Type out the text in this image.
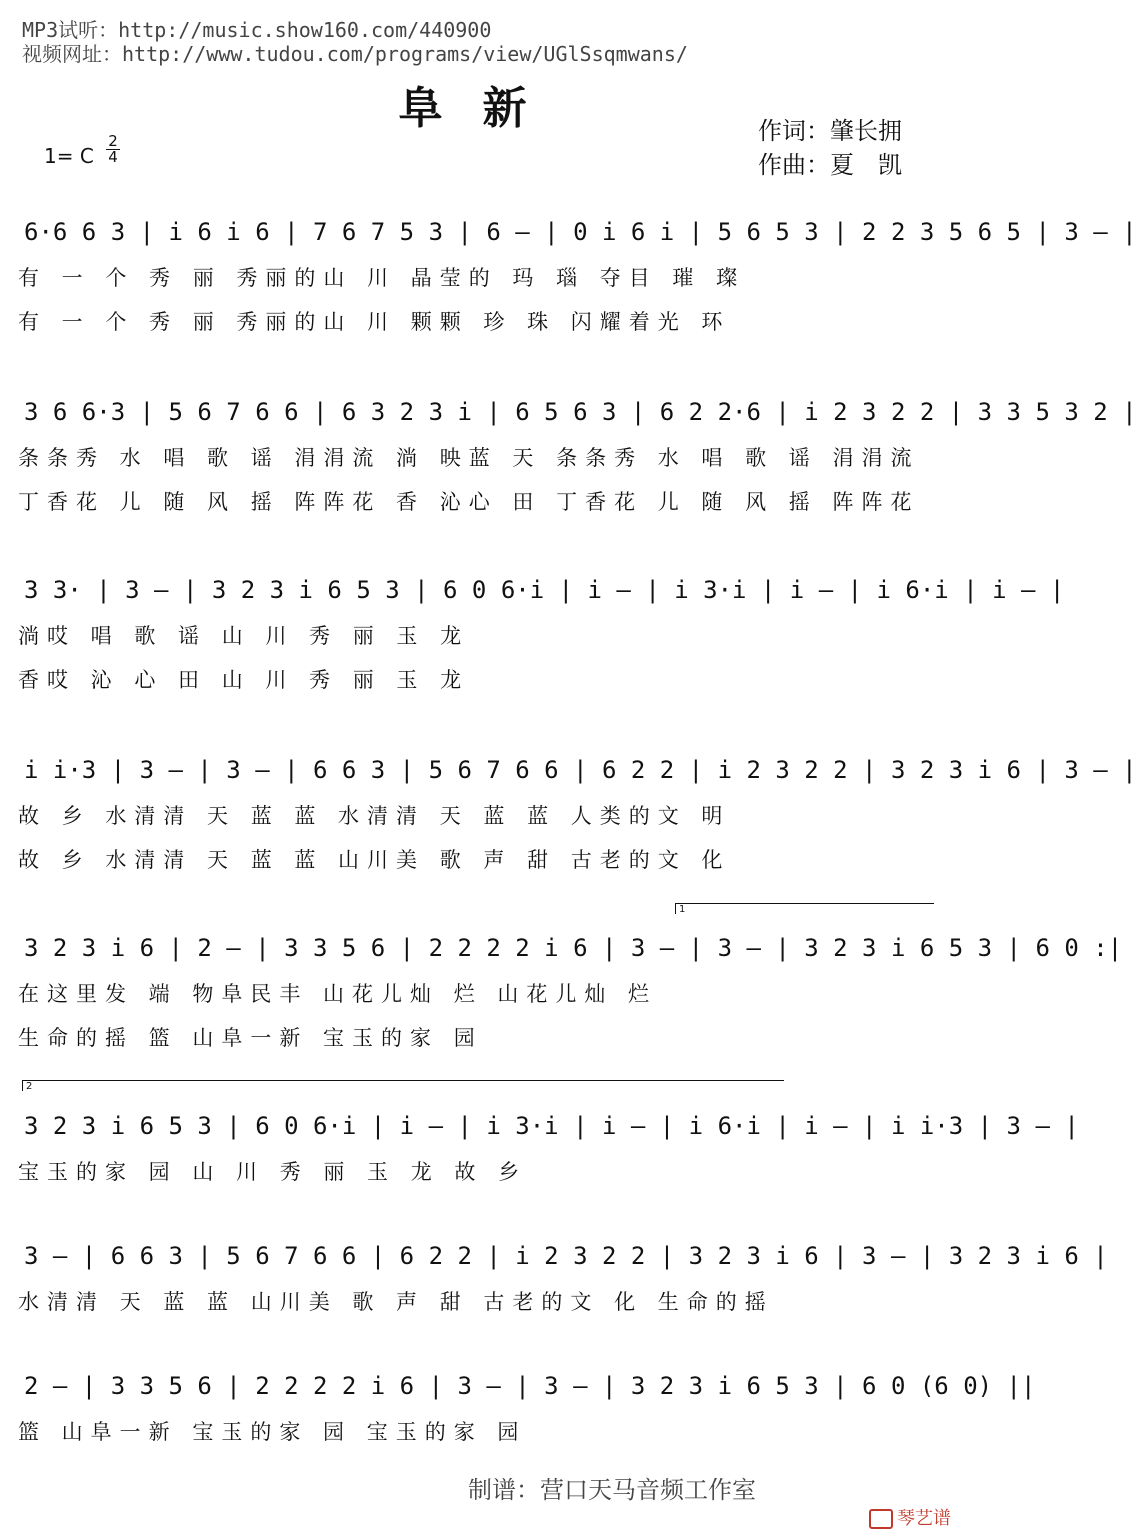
MP3试听：http://music.show160.com/440900
视频网址：http://www.tudou.com/programs/view/UGlSsqmwans/
阜新
1= C
2
4
作词：肇长拥
作曲：夏　凯
6·6 6 3 | i 6 i 6 | 7 6 7 5 3 | 6 — | 0 i 6 i | 5 6 5 3 | 2 2 3 5 6 5 | 3 — |
有 一 个 秀 丽 秀丽的山 川 晶莹的 玛 瑙 夺目 璀 璨
有 一 个 秀 丽 秀丽的山 川 颗颗 珍 珠 闪耀着光 环
3 6 6·3 | 5 6 7 6 6 | 6 3 2 3 i | 6 5 6 3 | 6 2 2·6 | i 2 3 2 2 | 3 3 5 3 2 |
条条秀 水 唱 歌 谣 涓涓流 淌 映蓝 天 条条秀 水 唱 歌 谣 涓涓流
丁香花 儿 随 风 摇 阵阵花 香 沁心 田 丁香花 儿 随 风 摇 阵阵花
3 3· | 3 — | 3 2 3 i 6 5 3 | 6 0 6·i | i — | i 3·i | i — | i 6·i | i — |
淌哎 唱 歌 谣 山 川 秀 丽 玉 龙
香哎 沁 心 田 山 川 秀 丽 玉 龙
i i·3 | 3 — | 3 — | 6 6 3 | 5 6 7 6 6 | 6 2 2 | i 2 3 2 2 | 3 2 3 i 6 | 3 — |
故 乡 水清清 天 蓝 蓝 水清清 天 蓝 蓝 人类的文 明
故 乡 水清清 天 蓝 蓝 山川美 歌 声 甜 古老的文 化
1
3 2 3 i 6 | 2 — | 3 3 5 6 | 2 2 2 2 i 6 | 3 — | 3 — | 3 2 3 i 6 5 3 | 6 0 :|
在这里发 端 物阜民丰 山花儿灿 烂 山花儿灿 烂
生命的摇 篮 山阜一新 宝玉的家 园
2
3 2 3 i 6 5 3 | 6 0 6·i | i — | i 3·i | i — | i 6·i | i — | i i·3 | 3 — |
宝玉的家 园 山 川 秀 丽 玉 龙 故 乡
3 — | 6 6 3 | 5 6 7 6 6 | 6 2 2 | i 2 3 2 2 | 3 2 3 i 6 | 3 — | 3 2 3 i 6 |
水清清 天 蓝 蓝 山川美 歌 声 甜 古老的文 化 生命的摇
2 — | 3 3 5 6 | 2 2 2 2 i 6 | 3 — | 3 — | 3 2 3 i 6 5 3 | 6 0 (6 0) ||
篮 山阜一新 宝玉的家 园 宝玉的家 园
制谱：营口天马音频工作室
琴艺谱
